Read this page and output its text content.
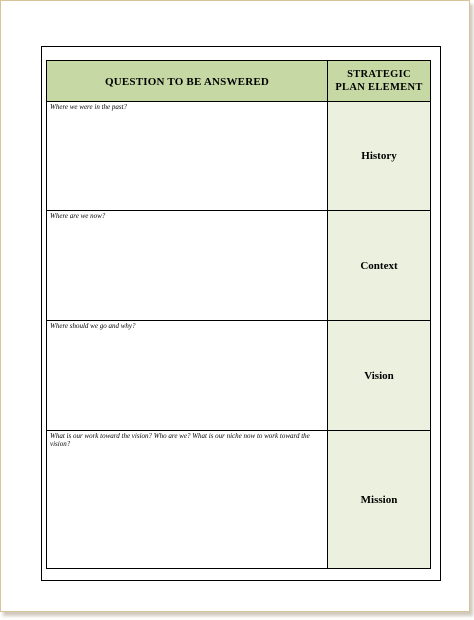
QUESTION TO BE ANSWERED	STRATEGIC
PLAN ELEMENT

Where we were in the past?	History

Where are we now?	Context

Where should we go and why?	Vision

What is our work toward the vision? Who are we? What is our niche now to work toward the vision?	Mission
